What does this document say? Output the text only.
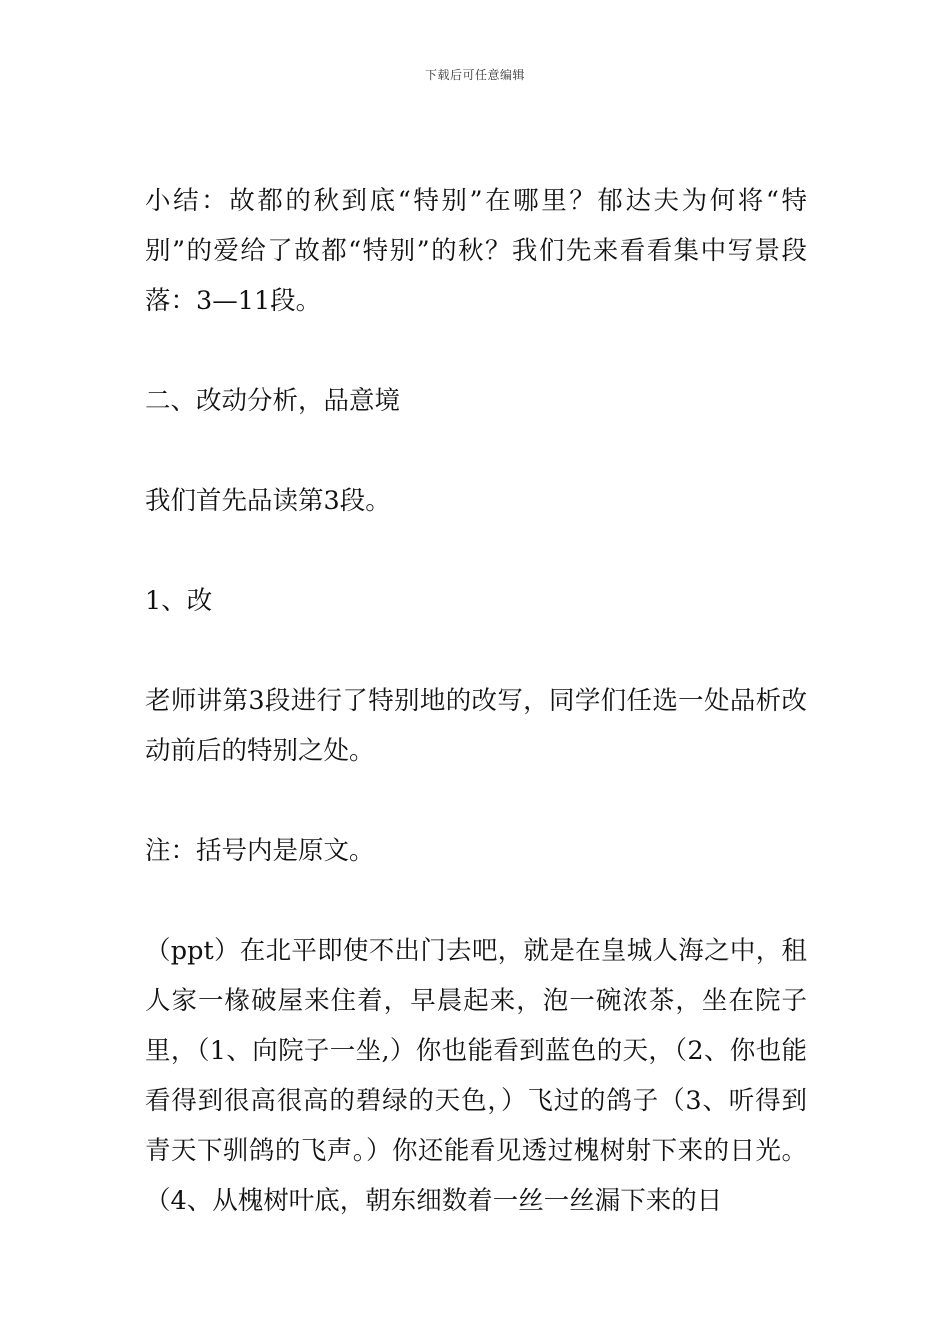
下载后可任意编辑

小结：故都的秋到底“特别”在哪里？郁达夫为何将“特别”的爱给了故都“特别”的秋？我们先来看看集中写景段落：3—11段。

二、改动分析，品意境

我们首先品读第3段。

1、改

老师讲第3段进行了特别地的改写，同学们任选一处品析改动前后的特别之处。

注：括号内是原文。

（ppt）在北平即使不出门去吧，就是在皇城人海之中，租人家一椽破屋来住着，早晨起来，泡一碗浓茶，坐在院子里，（1、向院子一坐,）你也能看到蓝色的天，（2、你也能看得到很高很高的碧绿的天色，）飞过的鸽子（3、听得到青天下驯鸽的飞声。）你还能看见透过槐树射下来的日光。（4、从槐树叶底，朝东细数着一丝一丝漏下来的日
